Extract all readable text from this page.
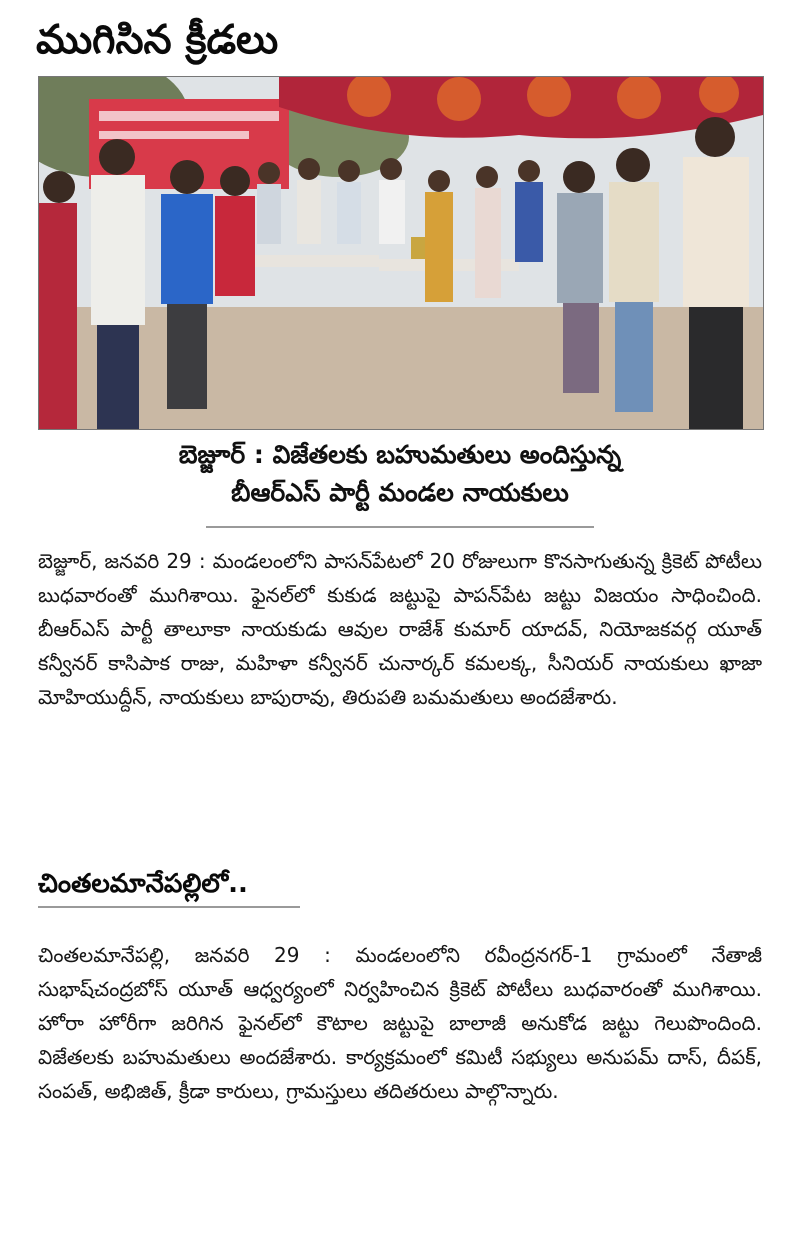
ముగిసిన క్రీడలు
బెజ్జూర్ : విజేతలకు బహుమతులు అందిస్తున్న
బీఆర్ఎస్ పార్టీ మండల నాయకులు

బెజ్జూర్, జనవరి 29 : మండలంలోని పాసన్‌పేటలో 20 రోజులుగా కొనసాగుతున్న క్రికెట్ పోటీలు బుధవారంతో ముగిశాయి. ఫైనల్‌లో కుకుడ జట్టుపై పాపన్‌పేట జట్టు విజయం సాధించింది. బీఆర్ఎస్ పార్టీ తాలూకా నాయకుడు ఆవుల రాజేశ్ కుమార్ యాదవ్, నియోజకవర్గ యూత్ కన్వీనర్ కాసిపాక రాజు, మహిళా కన్వీనర్ చునార్కర్ కమలక్క, సీనియర్ నాయకులు ఖాజా మోహియుద్దీన్, నాయకులు బాపురావు, తిరుపతి బమమతులు అందజేశారు.

చింతలమానేపల్లిలో..

చింతలమానేపల్లి, జనవరి 29 : మండలంలోని రవీంద్రనగర్-1 గ్రామంలో నేతాజీ సుభాష్‌చంద్రబోస్ యూత్ ఆధ్వర్యంలో నిర్వహించిన క్రికెట్ పోటీలు బుధవారంతో ముగిశాయి. హోరా హోరీగా జరిగిన ఫైనల్‌లో కౌటాల జట్టుపై బాలాజీ అనుకోడ జట్టు గెలుపొందింది. విజేతలకు బహుమతులు అందజేశారు. కార్యక్రమంలో కమిటీ సభ్యులు అనుపమ్ దాస్, దీపక్, సంపత్, అభిజిత్, క్రీడా కారులు, గ్రామస్తులు తదితరులు పాల్గొన్నారు.
